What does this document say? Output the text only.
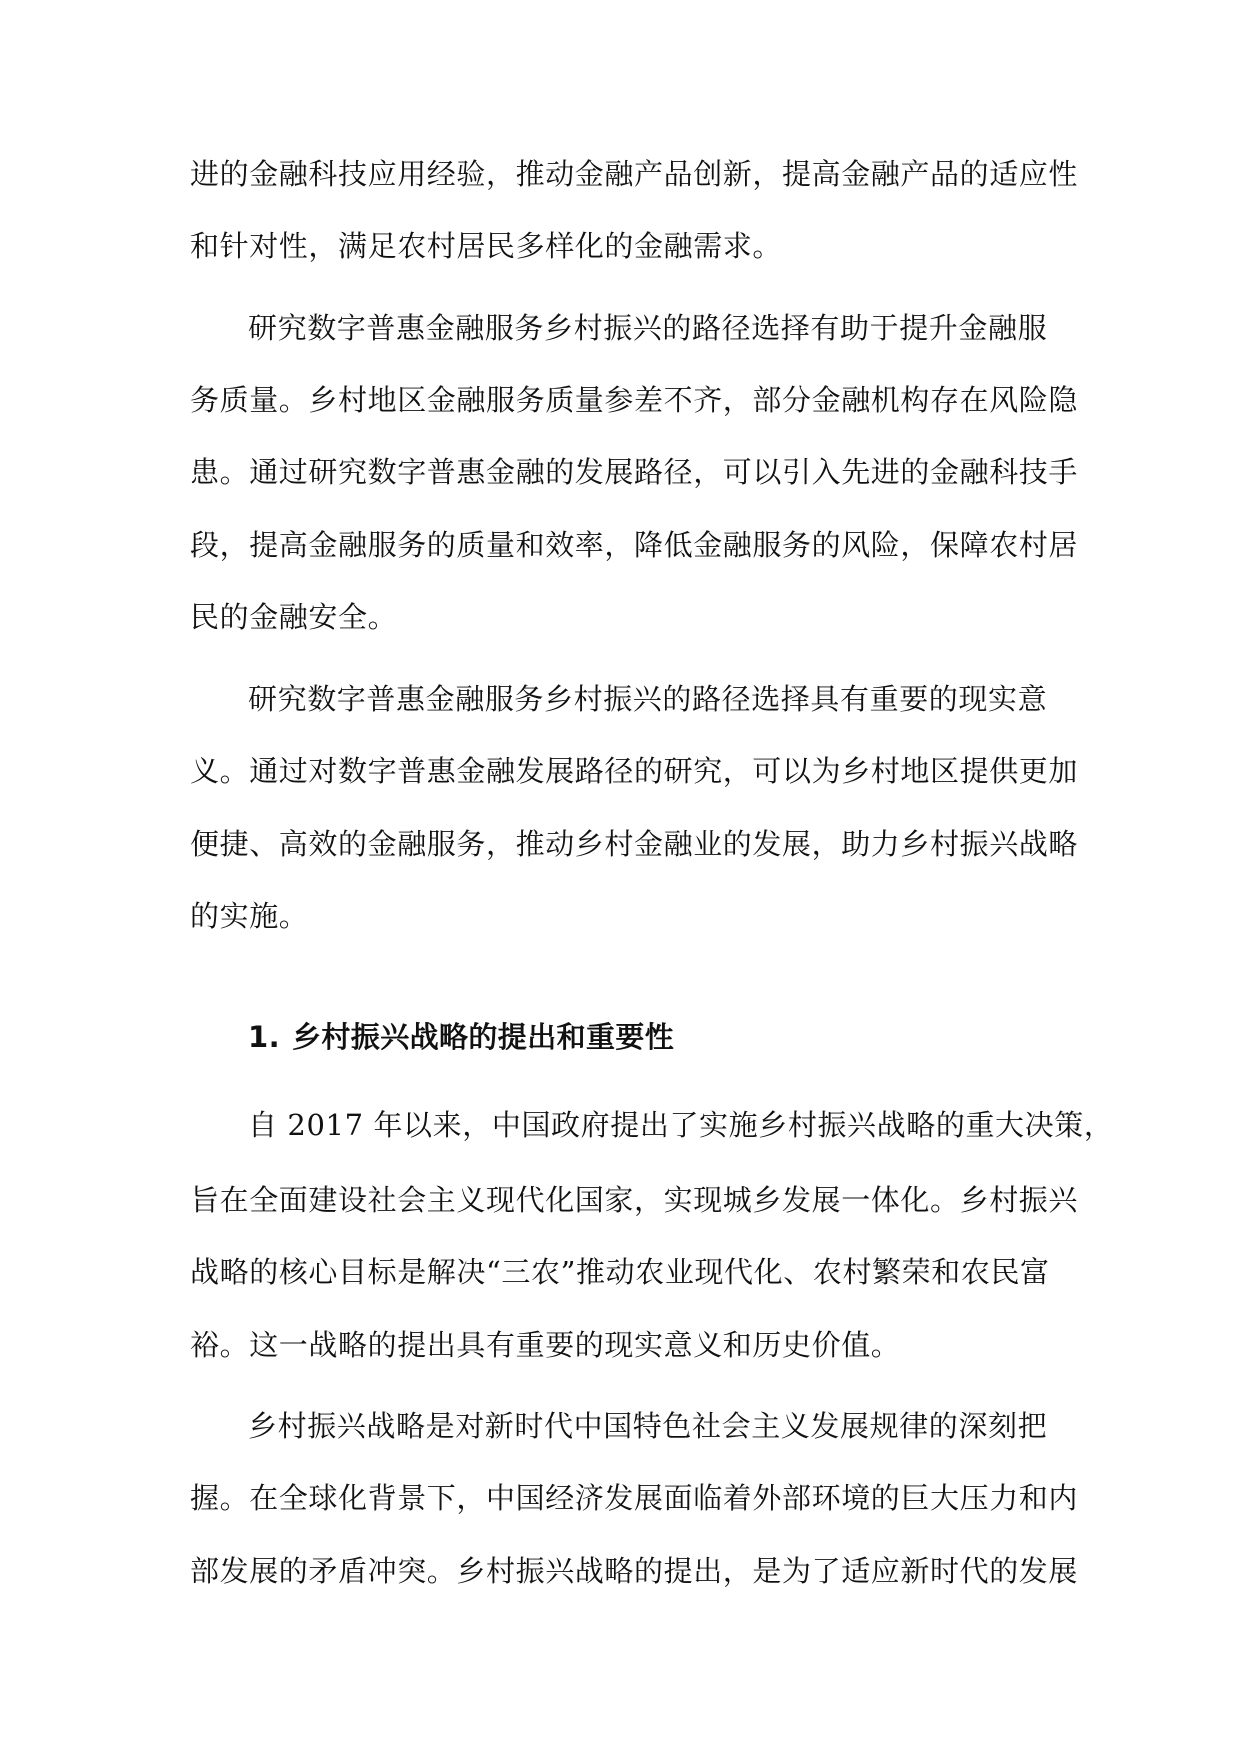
进的金融科技应用经验，推动金融产品创新，提高金融产品的适应性
和针对性，满足农村居民多样化的金融需求。
研究数字普惠金融服务乡村振兴的路径选择有助于提升金融服
务质量。乡村地区金融服务质量参差不齐，部分金融机构存在风险隐
患。通过研究数字普惠金融的发展路径，可以引入先进的金融科技手
段，提高金融服务的质量和效率，降低金融服务的风险，保障农村居
民的金融安全。
研究数字普惠金融服务乡村振兴的路径选择具有重要的现实意
义。通过对数字普惠金融发展路径的研究，可以为乡村地区提供更加
便捷、高效的金融服务，推动乡村金融业的发展，助力乡村振兴战略
的实施。
1. 乡村振兴战略的提出和重要性
自 2017 年以来，中国政府提出了实施乡村振兴战略的重大决策，
旨在全面建设社会主义现代化国家，实现城乡发展一体化。乡村振兴
战略的核心目标是解决“三农”推动农业现代化、农村繁荣和农民富
裕。这一战略的提出具有重要的现实意义和历史价值。
乡村振兴战略是对新时代中国特色社会主义发展规律的深刻把
握。在全球化背景下，中国经济发展面临着外部环境的巨大压力和内
部发展的矛盾冲突。乡村振兴战略的提出，是为了适应新时代的发展
